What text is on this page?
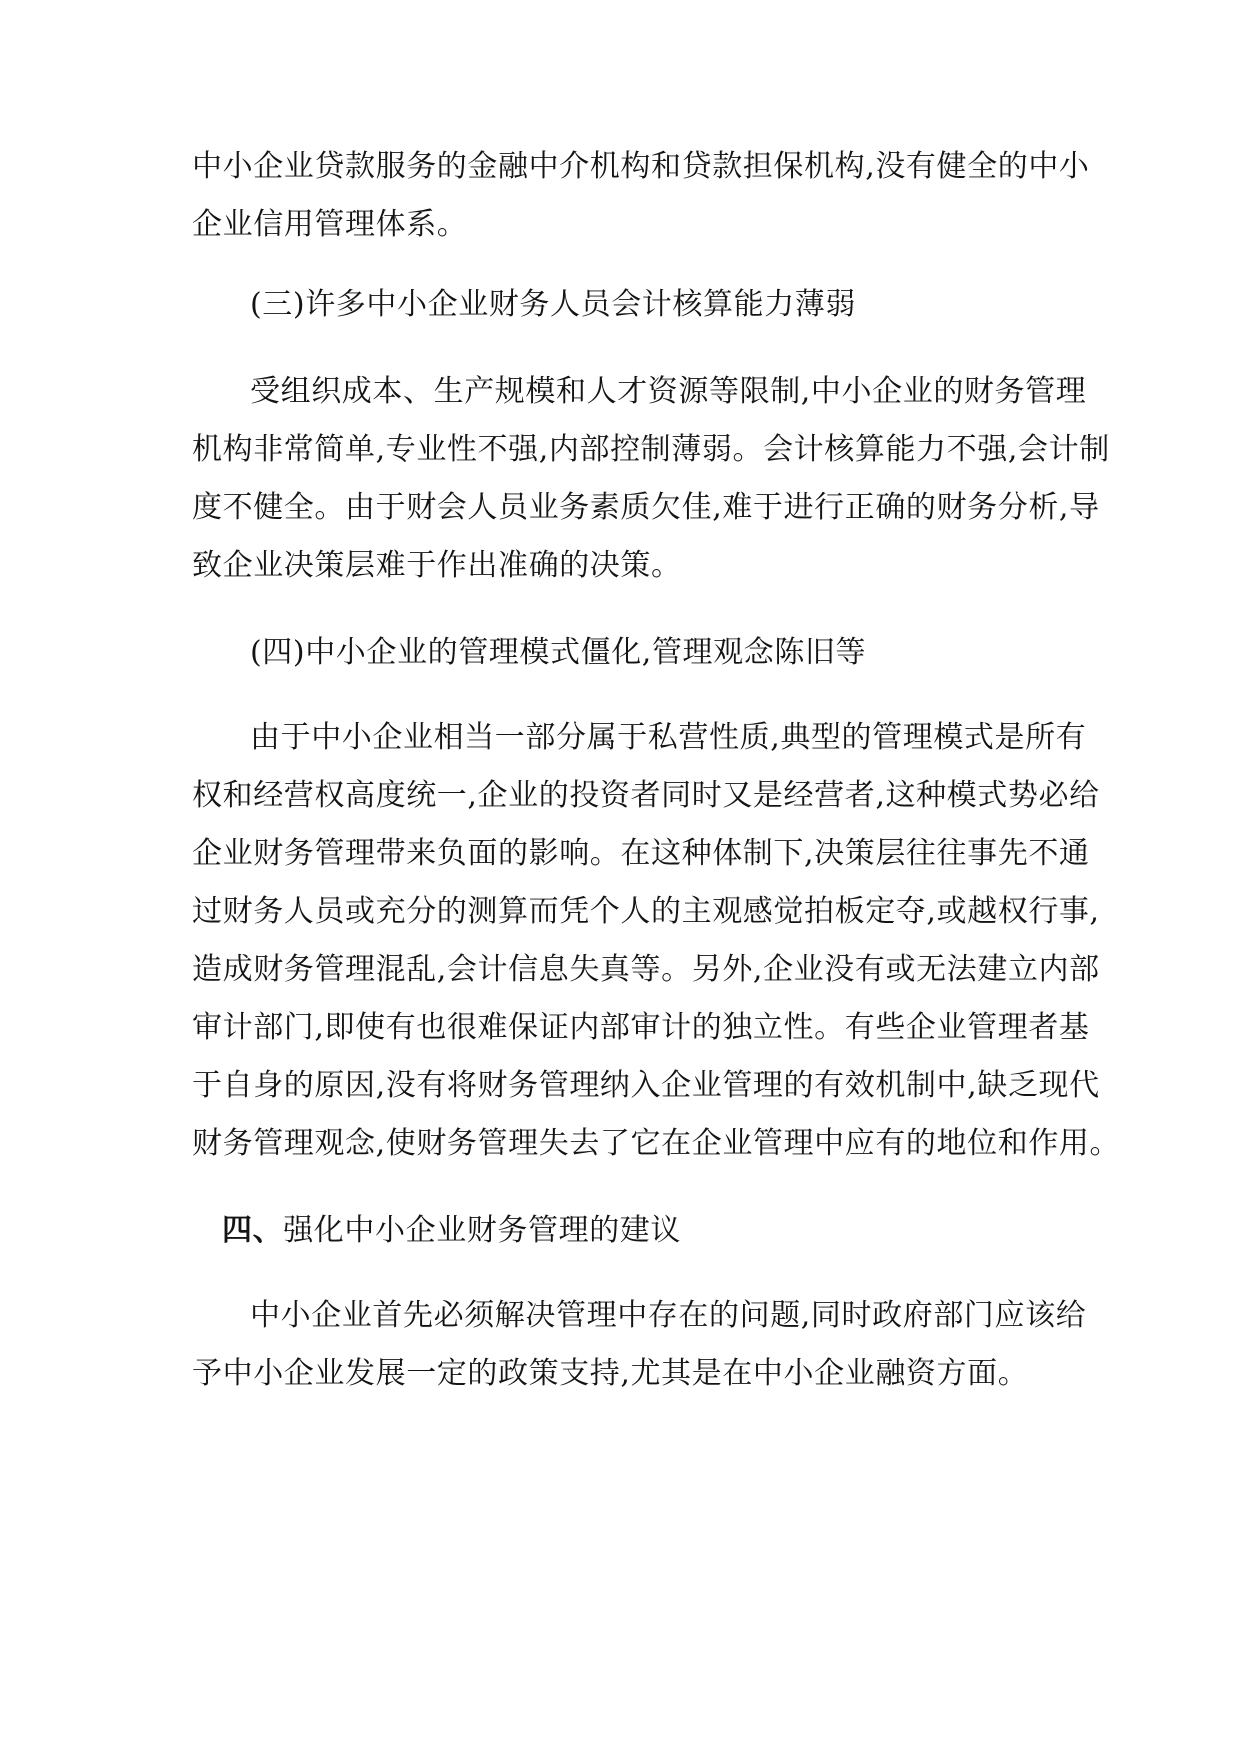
中小企业贷款服务的金融中介机构和贷款担保机构,没有健全的中小
企业信用管理体系。
(三)许多中小企业财务人员会计核算能力薄弱
受组织成本、生产规模和人才资源等限制,中小企业的财务管理
机构非常简单,专业性不强,内部控制薄弱。会计核算能力不强,会计制
度不健全。由于财会人员业务素质欠佳,难于进行正确的财务分析,导
致企业决策层难于作出准确的决策。
(四)中小企业的管理模式僵化,管理观念陈旧等
由于中小企业相当一部分属于私营性质,典型的管理模式是所有
权和经营权高度统一,企业的投资者同时又是经营者,这种模式势必给
企业财务管理带来负面的影响。在这种体制下,决策层往往事先不通
过财务人员或充分的测算而凭个人的主观感觉拍板定夺,或越权行事,
造成财务管理混乱,会计信息失真等。另外,企业没有或无法建立内部
审计部门,即使有也很难保证内部审计的独立性。有些企业管理者基
于自身的原因,没有将财务管理纳入企业管理的有效机制中,缺乏现代
财务管理观念,使财务管理失去了它在企业管理中应有的地位和作用。
四、强化中小企业财务管理的建议
中小企业首先必须解决管理中存在的问题,同时政府部门应该给
予中小企业发展一定的政策支持,尤其是在中小企业融资方面。
